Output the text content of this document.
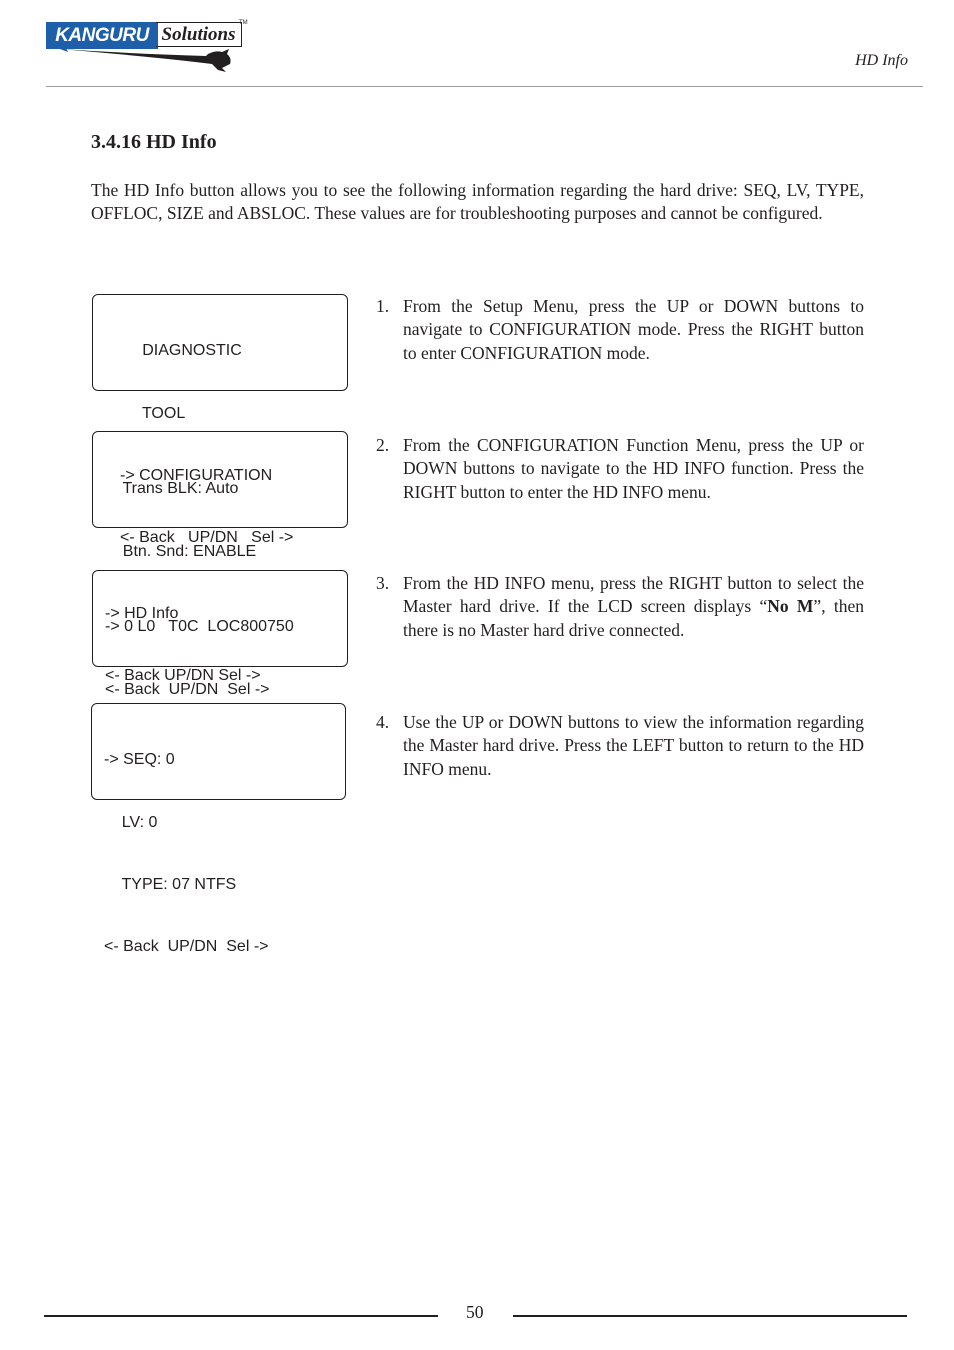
KANGURU Solutions
TM
HD Info
3.4.16 HD Info

The HD Info button allows you to see the following information regarding the hard drive: SEQ, LV, TYPE, OFFLOC, SIZE and ABSLOC. These values are for troubleshooting purposes and cannot be configured.

DIAGNOSTIC

TOOL

-> CONFIGURATION

<- Back   UP/DN   Sel ->

Trans BLK: Auto

Btn. Snd: ENABLE

-> HD Info

<- Back UP/DN Sel ->

-> 0 L0   T0C  LOC800750

<- Back  UP/DN  Sel ->

-> SEQ: 0

LV: 0

TYPE: 07 NTFS

<- Back  UP/DN  Sel ->

1. From the Setup Menu, press the UP or DOWN buttons to navigate to CONFIGURATION mode. Press the RIGHT button to enter CONFIGURATION mode.
2. From the CONFIGURATION Function Menu, press the UP or DOWN buttons to navigate to the HD INFO function. Press the RIGHT button to enter the HD INFO menu.
3. From the HD INFO menu, press the RIGHT button to select the Master hard drive. If the LCD screen displays “No M”, then there is no Master hard drive connected.
4. Use the UP or DOWN buttons to view the information regarding the Master hard drive. Press the LEFT button to return to the HD INFO menu.
50
